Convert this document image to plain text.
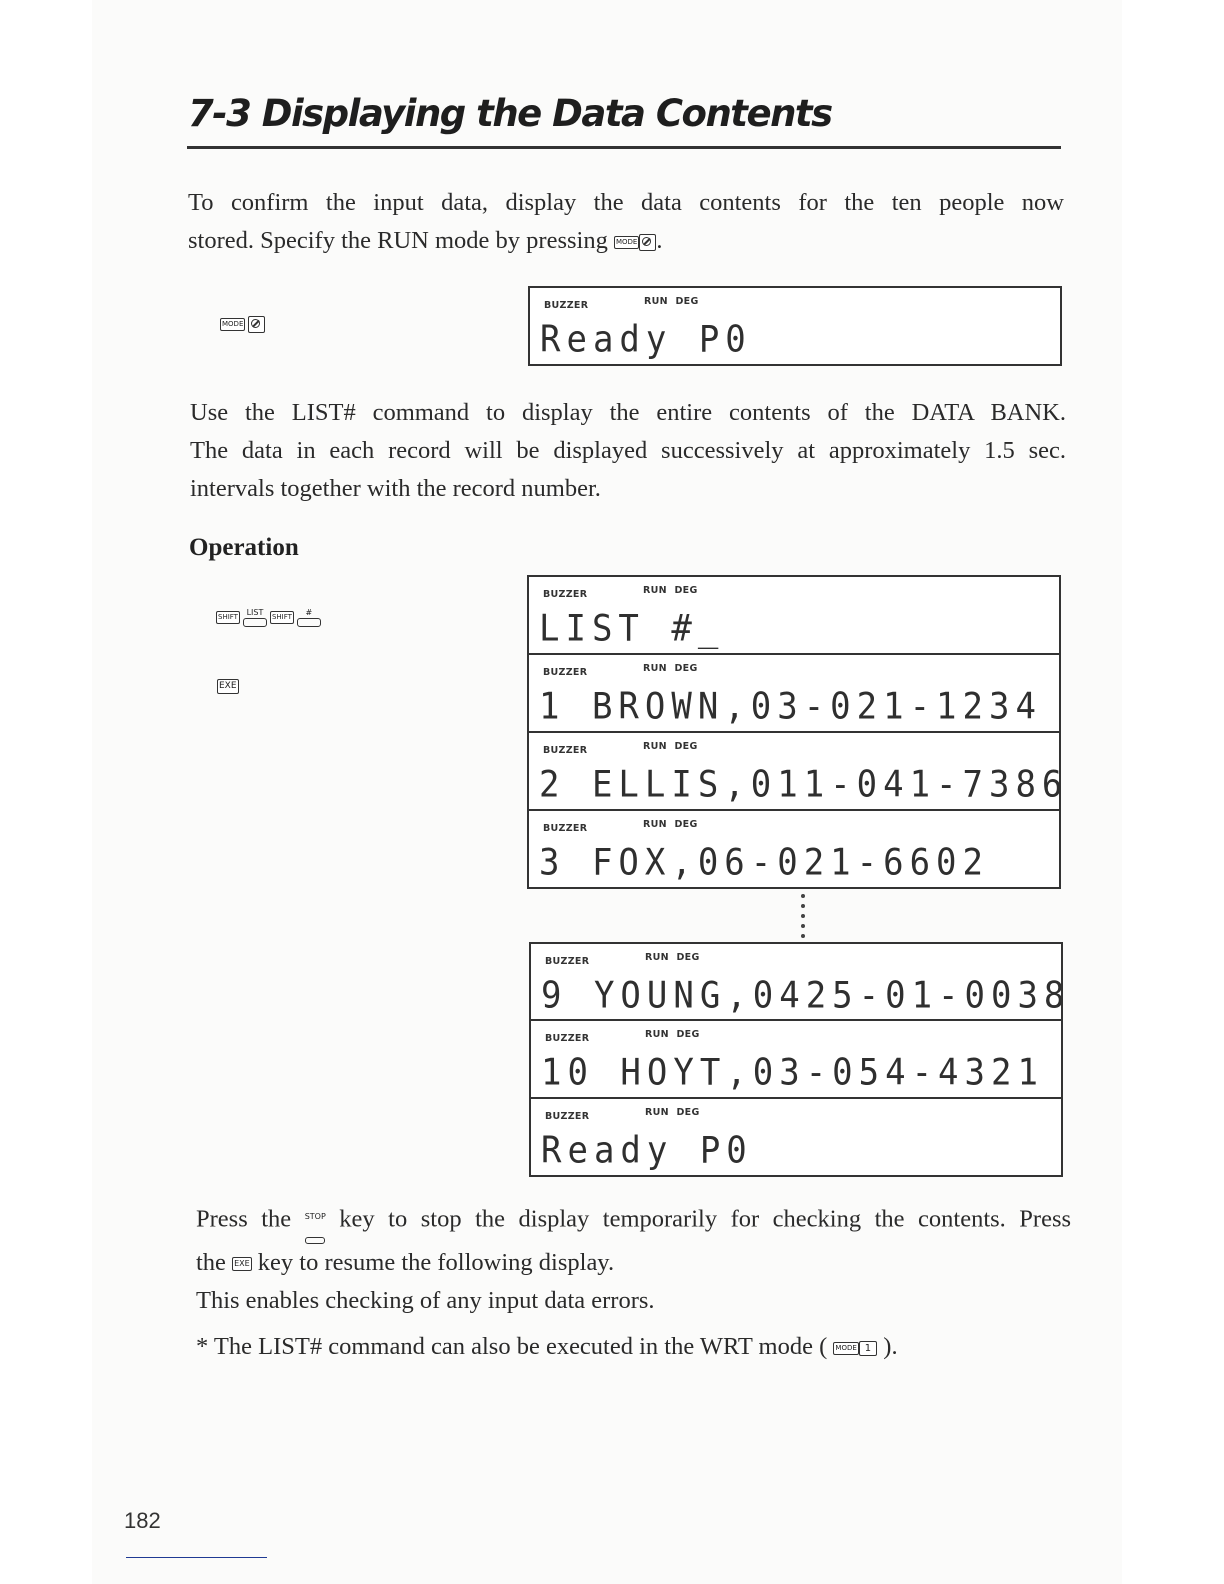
7-3 Displaying the Data Contents
To confirm the input data, display the data contents for the ten people now
stored. Specify the RUN mode by pressing MODE .
MODE
BUZZER	RUN DEG
Ready P0
Use the LIST# command to display the entire contents of the DATA BANK.
The data in each record will be displayed successively at approximately 1.5 sec.
intervals together with the record number.
Operation
SHIFT LIST SHIFT #
EXE
BUZZER	RUN DEG
LIST #_
BUZZER	RUN DEG
1 BROWN,03-021-1234
BUZZER	RUN DEG
2 ELLIS,011-041-7386
BUZZER	RUN DEG
3 FOX,06-021-6602
BUZZER	RUN DEG
9 YOUNG,0425-01-0038
BUZZER	RUN DEG
10 HOYT,03-054-4321
BUZZER	RUN DEG
Ready P0
Press the STOP key to stop the display temporarily for checking the contents. Press
the EXE key to resume the following display.
This enables checking of any input data errors.
* The LIST# command can also be executed in the WRT mode ( MODE 1 ).
182
